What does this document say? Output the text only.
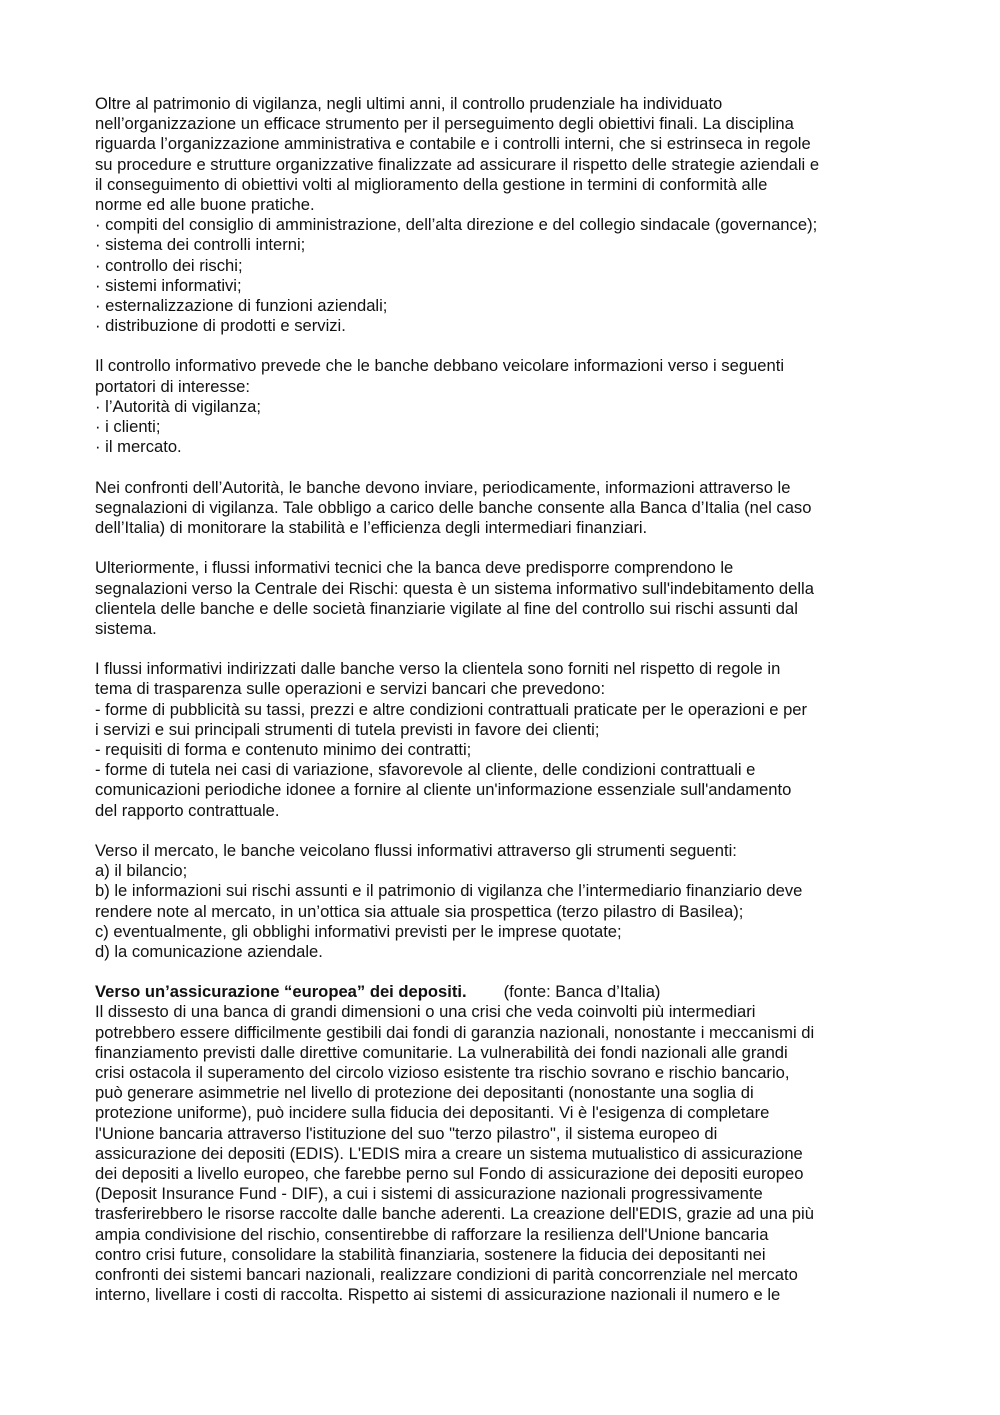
Oltre al patrimonio di vigilanza, negli ultimi anni, il controllo prudenziale ha individuato
nell’organizzazione un efficace strumento per il perseguimento degli obiettivi finali. La disciplina
riguarda l’organizzazione amministrativa e contabile e i controlli interni, che si estrinseca in regole
su procedure e strutture organizzative finalizzate ad assicurare il rispetto delle strategie aziendali e
il conseguimento di obiettivi volti al miglioramento della gestione in termini di conformità alle
norme ed alle buone pratiche.
· compiti del consiglio di amministrazione, dell’alta direzione e del collegio sindacale (governance);
· sistema dei controlli interni;
· controllo dei rischi;
· sistemi informativi;
· esternalizzazione di funzioni aziendali;
· distribuzione di prodotti e servizi.
Il controllo informativo prevede che le banche debbano veicolare informazioni verso i seguenti
portatori di interesse:
· l’Autorità di vigilanza;
· i clienti;
· il mercato.
Nei confronti dell’Autorità, le banche devono inviare, periodicamente, informazioni attraverso le
segnalazioni di vigilanza. Tale obbligo a carico delle banche consente alla Banca d’Italia (nel caso
dell’Italia) di monitorare la stabilità e l’efficienza degli intermediari finanziari.
Ulteriormente, i flussi informativi tecnici che la banca deve predisporre comprendono le
segnalazioni verso la Centrale dei Rischi: questa è un sistema informativo sull'indebitamento della
clientela delle banche e delle società finanziarie vigilate al fine del controllo sui rischi assunti dal
sistema.
I flussi informativi indirizzati dalle banche verso la clientela sono forniti nel rispetto di regole in
tema di trasparenza sulle operazioni e servizi bancari che prevedono:
- forme di pubblicità su tassi, prezzi e altre condizioni contrattuali praticate per le operazioni e per
i servizi e sui principali strumenti di tutela previsti in favore dei clienti;
- requisiti di forma e contenuto minimo dei contratti;
- forme di tutela nei casi di variazione, sfavorevole al cliente, delle condizioni contrattuali e
comunicazioni periodiche idonee a fornire al cliente un'informazione essenziale sull'andamento
del rapporto contrattuale.
Verso il mercato, le banche veicolano flussi informativi attraverso gli strumenti seguenti:
a) il bilancio;
b) le informazioni sui rischi assunti e il patrimonio di vigilanza che l’intermediario finanziario deve
rendere note al mercato, in un’ottica sia attuale sia prospettica (terzo pilastro di Basilea);
c) eventualmente, gli obblighi informativi previsti per le imprese quotate;
d) la comunicazione aziendale.
Verso un’assicurazione “europea” dei depositi. (fonte: Banca d’Italia)
Il dissesto di una banca di grandi dimensioni o una crisi che veda coinvolti più intermediari
potrebbero essere difficilmente gestibili dai fondi di garanzia nazionali, nonostante i meccanismi di
finanziamento previsti dalle direttive comunitarie. La vulnerabilità dei fondi nazionali alle grandi
crisi ostacola il superamento del circolo vizioso esistente tra rischio sovrano e rischio bancario,
può generare asimmetrie nel livello di protezione dei depositanti (nonostante una soglia di
protezione uniforme), può incidere sulla fiducia dei depositanti. Vi è l'esigenza di completare
l'Unione bancaria attraverso l'istituzione del suo "terzo pilastro", il sistema europeo di
assicurazione dei depositi (EDIS). L'EDIS mira a creare un sistema mutualistico di assicurazione
dei depositi a livello europeo, che farebbe perno sul Fondo di assicurazione dei depositi europeo
(Deposit Insurance Fund - DIF), a cui i sistemi di assicurazione nazionali progressivamente
trasferirebbero le risorse raccolte dalle banche aderenti. La creazione dell'EDIS, grazie ad una più
ampia condivisione del rischio, consentirebbe di rafforzare la resilienza dell'Unione bancaria
contro crisi future, consolidare la stabilità finanziaria, sostenere la fiducia dei depositanti nei
confronti dei sistemi bancari nazionali, realizzare condizioni di parità concorrenziale nel mercato
interno, livellare i costi di raccolta. Rispetto ai sistemi di assicurazione nazionali il numero e le
